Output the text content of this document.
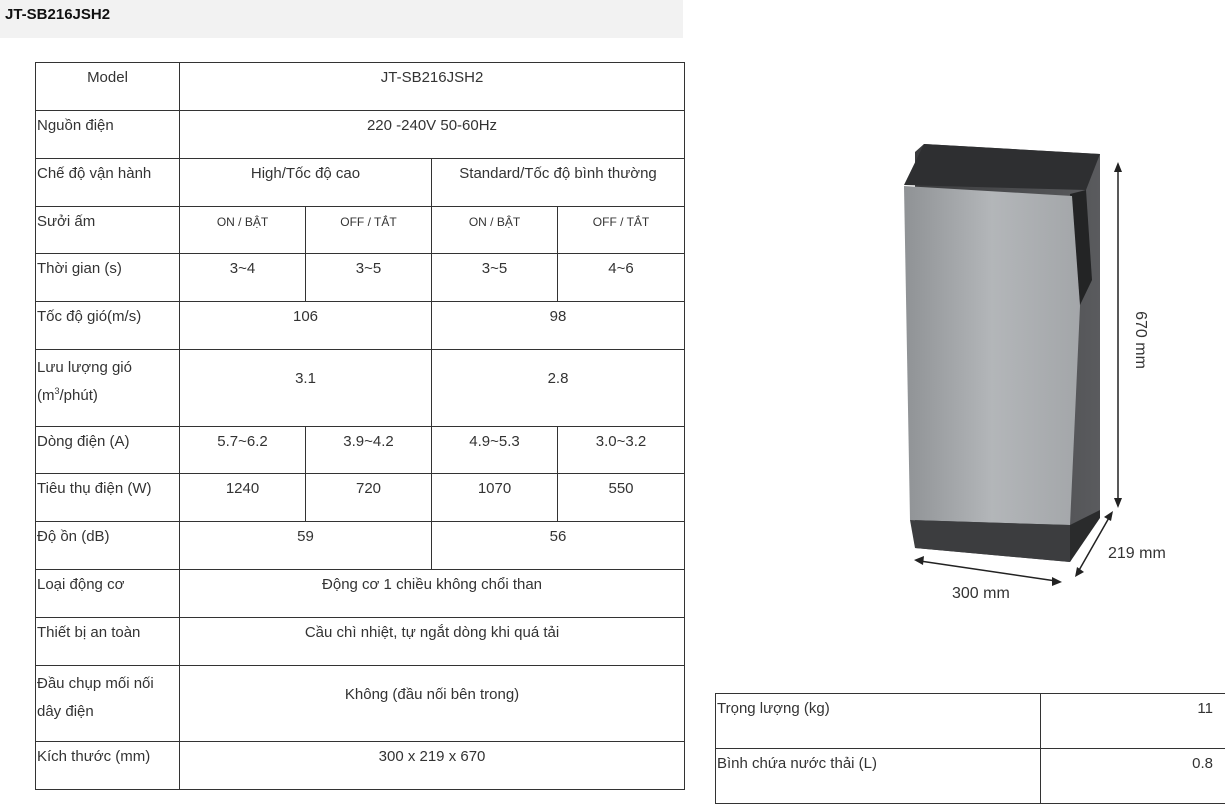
JT-SB216JSH2
Model	JT-SB216JSH2			
Nguồn điện	220 -240V 50-60Hz			
Chế độ vận hành	High/Tốc độ cao		Standard/Tốc độ bình thường	
Sưởi ấm	ON / BẬT	OFF / TẮT	ON / BẬT	OFF / TẮT
Thời gian (s)	3~4	3~5	3~5	4~6
Tốc độ gió(m/s)	106		98	
Lưu lượng gió
$(m^3/phút)$	3.1		2.8	
Dòng điện (A)	5.7~6.2	3.9~4.2	4.9~5.3	3.0~3.2
Tiêu thụ điện (W)	1240	720	1070	550
Độ ồn (dB)	59		56	
Loại động cơ	Động cơ 1 chiều không chổi than			
Thiết bị an toàn	Cầu chì nhiệt, tự ngắt dòng khi quá tải			
Đầu chụp mối nối
dây điện	Không (đầu nối bên trong)			
Kích thước (mm)	300 x 219 x 670			
670 mm
219 mm
300 mm
Trọng lượng (kg)	11
Bình chứa nước thải (L)	0.8
